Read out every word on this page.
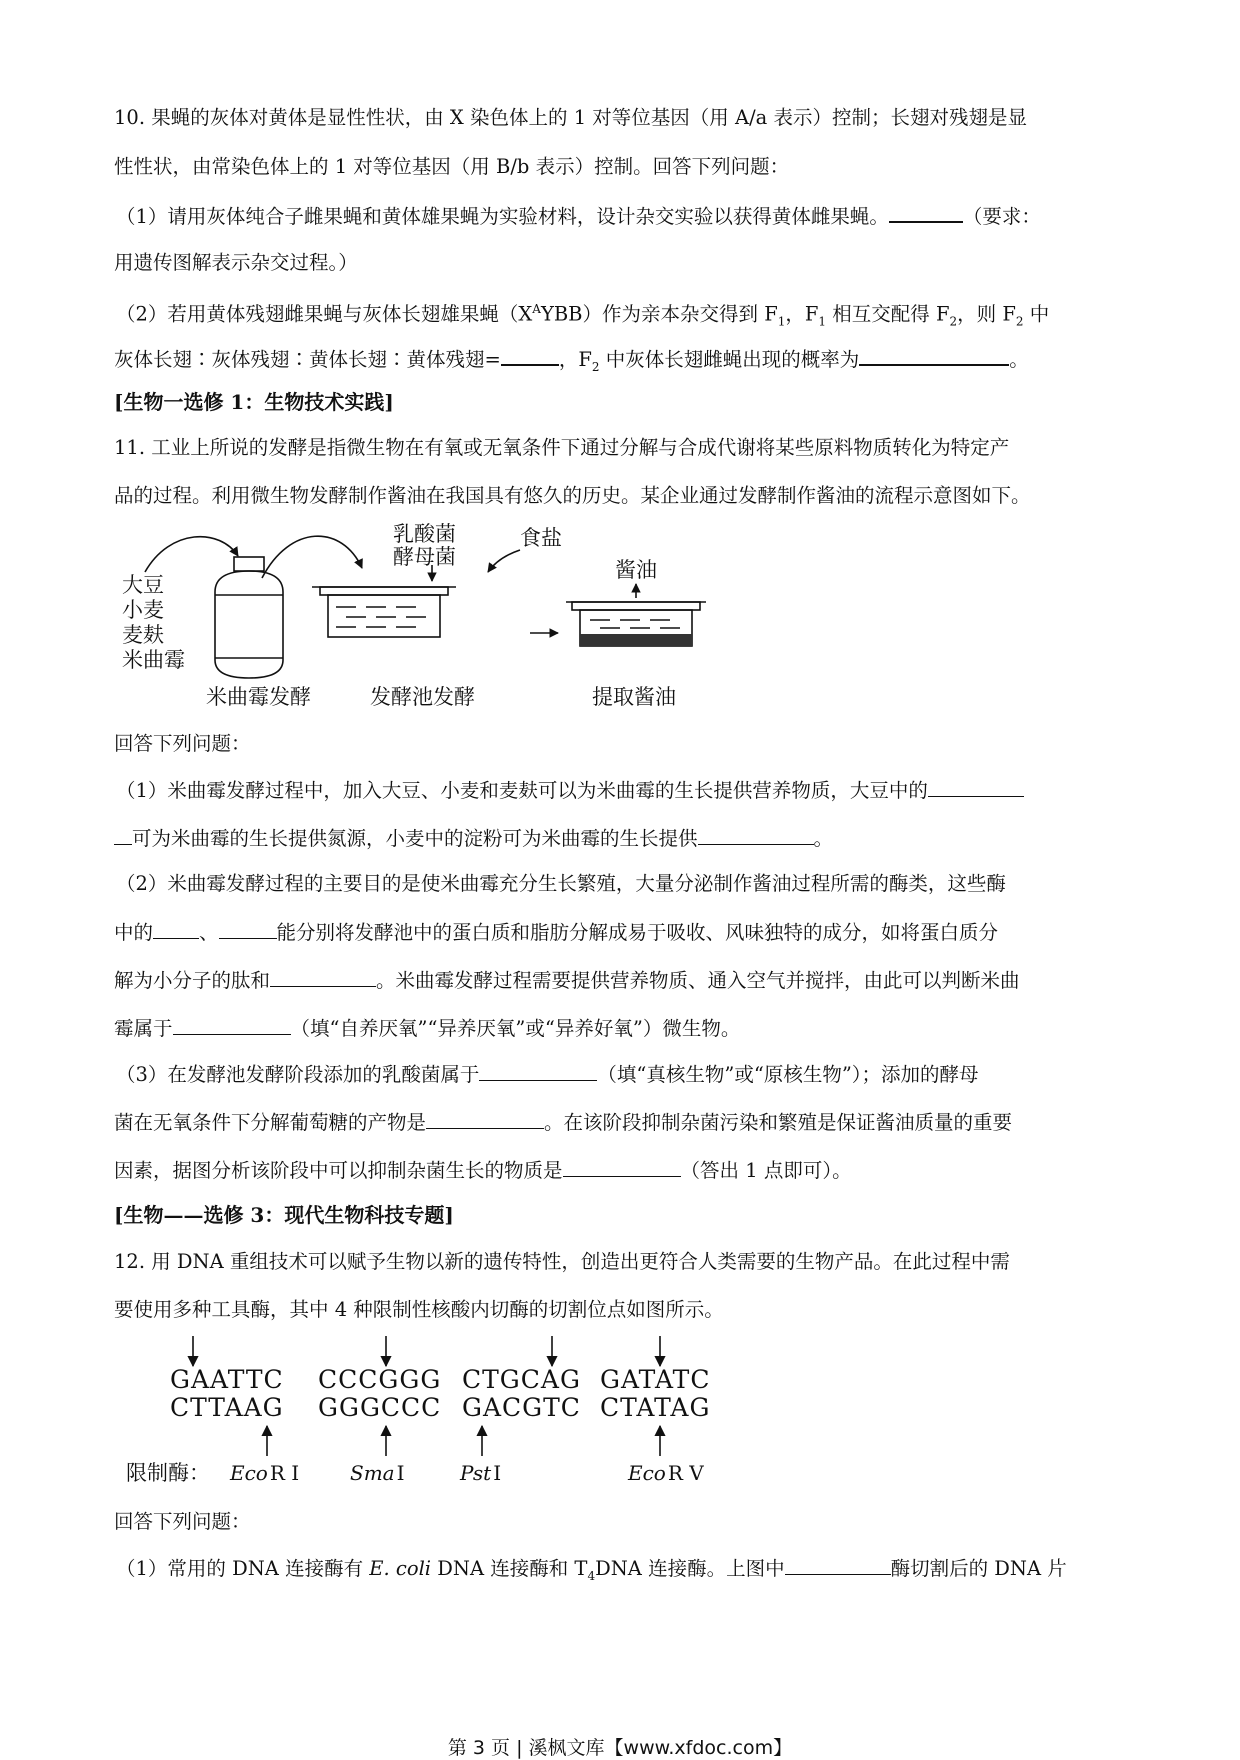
10. 果蝇的灰体对黄体是显性性状，由 X 染色体上的 1 对等位基因（用 A/a 表示）控制；长翅对残翅是显
性性状，由常染色体上的 1 对等位基因（用 B/b 表示）控制。回答下列问题：
（1）请用灰体纯合子雌果蝇和黄体雄果蝇为实验材料，设计杂交实验以获得黄体雌果蝇。	（要求：
用遗传图解表示杂交过程。）
（2）若用黄体残翅雌果蝇与灰体长翅雄果蝇$(X^AYBB)$作为亲本杂交得到 $F_1$，$F_1$ 相互交配得 $F_2$，则 $F_2$ 中
灰体长翅∶灰体残翅∶黄体长翅∶黄体残翅=	，$F_2$ 中灰体长翅雌蝇出现的概率为	。
[生物一选修 1：生物技术实践]
11. 工业上所说的发酵是指微生物在有氧或无氧条件下通过分解与合成代谢将某些原料物质转化为特定产
品的过程。利用微生物发酵制作酱油在我国具有悠久的历史。某企业通过发酵制作酱油的流程示意图如下。
大豆
小麦
麦麸
米曲霉
乳酸菌
酵母菌
食盐
酱油
米曲霉发酵	发酵池发酵	提取酱油
回答下列问题：
（1）米曲霉发酵过程中，加入大豆、小麦和麦麸可以为米曲霉的生长提供营养物质，大豆中的
可为米曲霉的生长提供氮源，小麦中的淀粉可为米曲霉的生长提供	。
（2）米曲霉发酵过程的主要目的是使米曲霉充分生长繁殖，大量分泌制作酱油过程所需的酶类，这些酶
中的 、	能分别将发酵池中的蛋白质和脂肪分解成易于吸收、风味独特的成分，如将蛋白质分
解为小分子的肽和	。米曲霉发酵过程需要提供营养物质、通入空气并搅拌，由此可以判断米曲
霉属于	（填“自养厌氧”“异养厌氧”或“异养好氧”）微生物。
（3）在发酵池发酵阶段添加的乳酸菌属于	（填“真核生物”或“原核生物”）；添加的酵母
菌在无氧条件下分解葡萄糖的产物是	。在该阶段抑制杂菌污染和繁殖是保证酱油质量的重要
因素，据图分析该阶段中可以抑制杂菌生长的物质是	（答出 1 点即可）。
[生物——选修 3：现代生物科技专题]
12. 用 DNA 重组技术可以赋予生物以新的遗传特性，创造出更符合人类需要的生物产品。在此过程中需
要使用多种工具酶，其中 4 种限制性核酸内切酶的切割位点如图所示。
GAATTC
CTTAAG
CCCGGG
GGGCCC
CTGCAG
GACGTC
GATATC
CTATAG
限制酶： Eco R I	Sma I	Pst I	Eco R V
回答下列问题：
（1）常用的 DNA 连接酶有 E. coli DNA 连接酶和 $T_4DNA$ 连接酶。上图中	酶切割后的 DNA 片
第 3 页 | 溪枫文库【www.xfdoc.com】
